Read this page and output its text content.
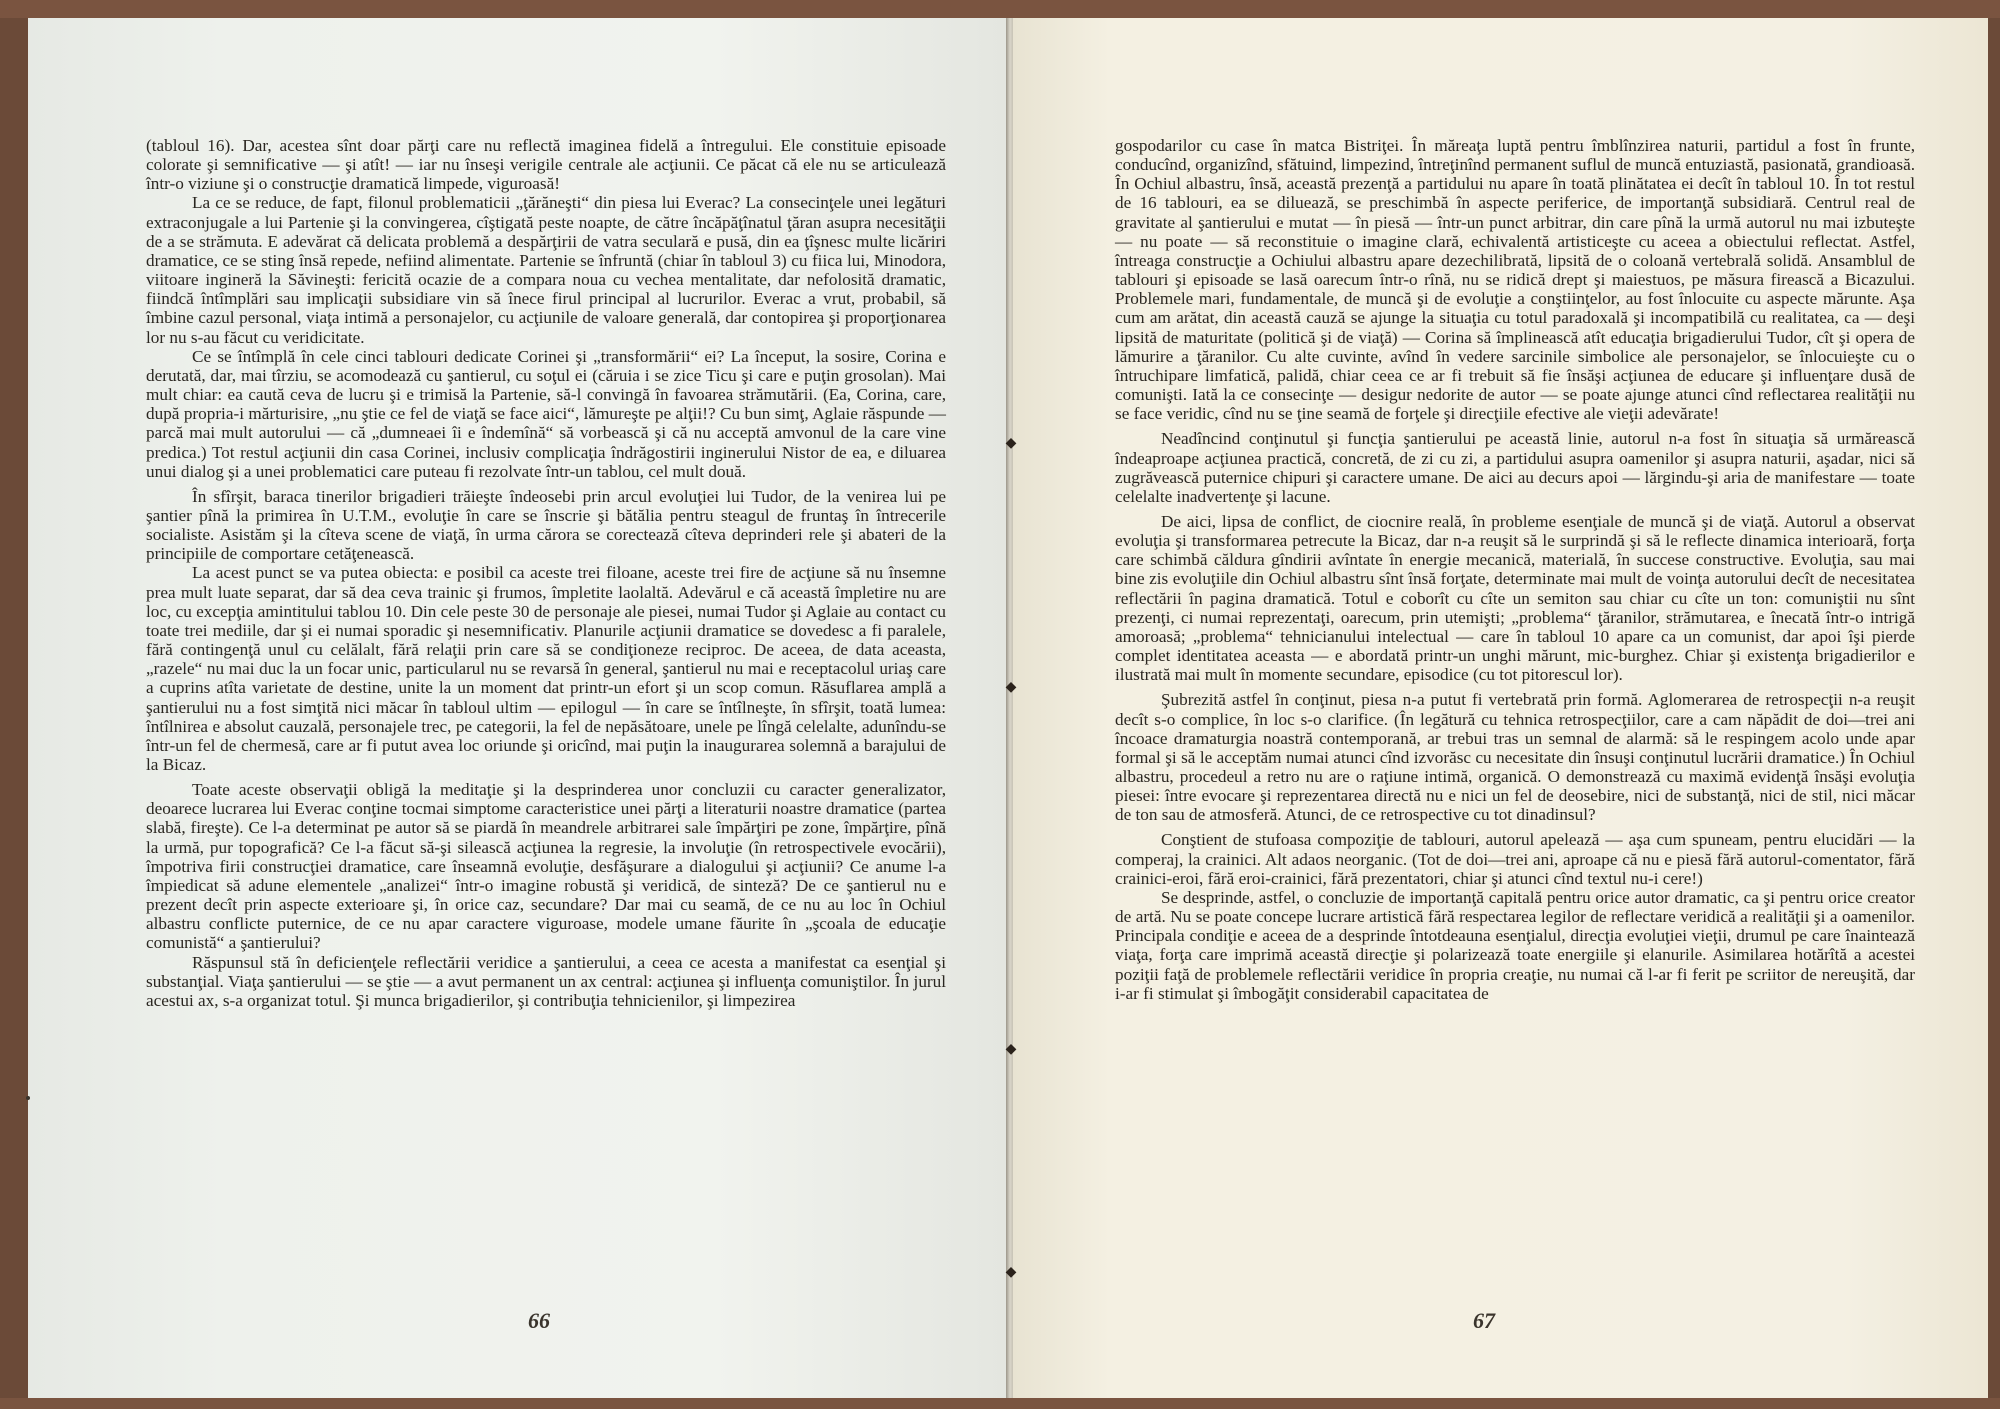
(tabloul 16). Dar, acestea sînt doar părţi care nu reflectă imaginea fidelă a întregului. Ele constituie episoade colorate şi semnificative — şi atît! — iar nu înseşi verigile centrale ale acţiunii. Ce păcat că ele nu se articulează într-o viziune şi o construcţie dramatică limpede, viguroasă!

La ce se reduce, de fapt, filonul problematicii „ţărăneşti“ din piesa lui Everac? La consecinţele unei legături extraconjugale a lui Partenie şi la convingerea, cîştigată peste noapte, de către încăpăţînatul ţăran asupra necesităţii de a se strămuta. E adevărat că delicata problemă a despărţirii de vatra seculară e pusă, din ea ţîşnesc multe licăriri dramatice, ce se sting însă repede, nefiind alimentate. Partenie se înfruntă (chiar în tabloul 3) cu fiica lui, Minodora, viitoare ingineră la Săvineşti: fericită ocazie de a compara noua cu vechea mentalitate, dar nefolosită dramatic, fiindcă întîmplări sau implicaţii subsidiare vin să înece firul principal al lucrurilor. Everac a vrut, probabil, să îmbine cazul personal, viaţa intimă a personajelor, cu acţiunile de valoare generală, dar contopirea şi proporţionarea lor nu s-au făcut cu veridicitate.

Ce se întîmplă în cele cinci tablouri dedicate Corinei şi „transformării“ ei? La început, la sosire, Corina e derutată, dar, mai tîrziu, se acomodează cu şantierul, cu soţul ei (căruia i se zice Ticu şi care e puţin grosolan). Mai mult chiar: ea caută ceva de lucru şi e trimisă la Partenie, să-l convingă în favoarea strămutării. (Ea, Corina, care, după propria-i mărturisire, „nu ştie ce fel de viaţă se face aici“, lămureşte pe alţii!? Cu bun simţ, Aglaie răspunde — parcă mai mult autorului — că „dumneaei îi e îndemînă“ să vorbească şi că nu acceptă amvonul de la care vine predica.) Tot restul acţiunii din casa Corinei, inclusiv complicaţia îndrăgostirii inginerului Nistor de ea, e diluarea unui dialog şi a unei problematici care puteau fi rezolvate într-un tablou, cel mult două.

În sfîrşit, baraca tinerilor brigadieri trăieşte îndeosebi prin arcul evoluţiei lui Tudor, de la venirea lui pe şantier pînă la primirea în U.T.M., evoluţie în care se înscrie şi bătălia pentru steagul de fruntaş în întrecerile socialiste. Asistăm şi la cîteva scene de viaţă, în urma cărora se corectează cîteva deprinderi rele şi abateri de la principiile de comportare cetăţenească.

La acest punct se va putea obiecta: e posibil ca aceste trei filoane, aceste trei fire de acţiune să nu însemne prea mult luate separat, dar să dea ceva trainic şi frumos, împletite laolaltă. Adevărul e că această împletire nu are loc, cu excepţia amintitului tablou 10. Din cele peste 30 de personaje ale piesei, numai Tudor şi Aglaie au contact cu toate trei mediile, dar şi ei numai sporadic şi nesemnificativ. Planurile acţiunii dramatice se dovedesc a fi paralele, fără contingenţă unul cu celălalt, fără relaţii prin care să se condiţioneze reciproc. De aceea, de data aceasta, „razele“ nu mai duc la un focar unic, particularul nu se revarsă în general, şantierul nu mai e receptacolul uriaş care a cuprins atîta varietate de destine, unite la un moment dat printr-un efort şi un scop comun. Răsuflarea amplă a şantierului nu a fost simţită nici măcar în tabloul ultim — epilogul — în care se întîlneşte, în sfîrşit, toată lumea: întîlnirea e absolut cauzală, personajele trec, pe categorii, la fel de nepăsătoare, unele pe lîngă celelalte, adunîndu-se într-un fel de chermesă, care ar fi putut avea loc oriunde şi oricînd, mai puţin la inaugurarea solemnă a barajului de la Bicaz.

Toate aceste observaţii obligă la meditaţie şi la desprinderea unor concluzii cu caracter generalizator, deoarece lucrarea lui Everac conţine tocmai simptome caracteristice unei părţi a literaturii noastre dramatice (partea slabă, fireşte). Ce l-a determinat pe autor să se piardă în meandrele arbitrarei sale împărţiri pe zone, împărţire, pînă la urmă, pur topografică? Ce l-a făcut să-şi silească acţiunea la regresie, la involuţie (în retrospectivele evocării), împotriva firii construcţiei dramatice, care înseamnă evoluţie, desfăşurare a dialogului şi acţiunii? Ce anume l-a împiedicat să adune elementele „analizei“ într-o imagine robustă şi veridică, de sinteză? De ce şantierul nu e prezent decît prin aspecte exterioare şi, în orice caz, secundare? Dar mai cu seamă, de ce nu au loc în Ochiul albastru conflicte puternice, de ce nu apar caractere viguroase, modele umane făurite în „şcoala de educaţie comunistă“ a şantierului?

Răspunsul stă în deficienţele reflectării veridice a şantierului, a ceea ce acesta a manifestat ca esenţial şi substanţial. Viaţa şantierului — se ştie — a avut permanent un ax central: acţiunea şi influenţa comuniştilor. În jurul acestui ax, s-a organizat totul. Şi munca brigadierilor, şi contribuţia tehnicienilor, şi limpezirea

66

gospodarilor cu case în matca Bistriţei. În măreaţa luptă pentru îmblînzirea naturii, partidul a fost în frunte, conducînd, organizînd, sfătuind, limpezind, întreţinînd permanent suflul de muncă entuziastă, pasionată, grandioasă. În Ochiul albastru, însă, această prezenţă a partidului nu apare în toată plinătatea ei decît în tabloul 10. În tot restul de 16 tablouri, ea se diluează, se preschimbă în aspecte periferice, de importanţă subsidiară. Centrul real de gravitate al şantierului e mutat — în piesă — într-un punct arbitrar, din care pînă la urmă autorul nu mai izbuteşte — nu poate — să reconstituie o imagine clară, echivalentă artisticeşte cu aceea a obiectului reflectat. Astfel, întreaga construcţie a Ochiului albastru apare dezechilibrată, lipsită de o coloană vertebrală solidă. Ansamblul de tablouri şi episoade se lasă oarecum într-o rînă, nu se ridică drept şi maiestuos, pe măsura firească a Bicazului. Problemele mari, fundamentale, de muncă şi de evoluţie a conştiinţelor, au fost înlocuite cu aspecte mărunte. Aşa cum am arătat, din această cauză se ajunge la situaţia cu totul paradoxală şi incompatibilă cu realitatea, ca — deşi lipsită de maturitate (politică şi de viaţă) — Corina să împlinească atît educaţia brigadierului Tudor, cît şi opera de lămurire a ţăranilor. Cu alte cuvinte, avînd în vedere sarcinile simbolice ale personajelor, se înlocuieşte cu o întruchipare limfatică, palidă, chiar ceea ce ar fi trebuit să fie însăşi acţiunea de educare şi influenţare dusă de comunişti. Iată la ce consecinţe — desigur nedorite de autor — se poate ajunge atunci cînd reflectarea realităţii nu se face veridic, cînd nu se ţine seamă de forţele şi direcţiile efective ale vieţii adevărate!

Neadîncind conţinutul şi funcţia şantierului pe această linie, autorul n-a fost în situaţia să urmărească îndeaproape acţiunea practică, concretă, de zi cu zi, a partidului asupra oamenilor şi asupra naturii, aşadar, nici să zugrăvească puternice chipuri şi caractere umane. De aici au decurs apoi — lărgindu-şi aria de manifestare — toate celelalte inadvertenţe şi lacune.

De aici, lipsa de conflict, de ciocnire reală, în probleme esenţiale de muncă şi de viaţă. Autorul a observat evoluţia şi transformarea petrecute la Bicaz, dar n-a reuşit să le surprindă şi să le reflecte dinamica interioară, forţa care schimbă căldura gîndirii avîntate în energie mecanică, materială, în succese constructive. Evoluţia, sau mai bine zis evoluţiile din Ochiul albastru sînt însă forţate, determinate mai mult de voinţa autorului decît de necesitatea reflectării în pagina dramatică. Totul e coborît cu cîte un semiton sau chiar cu cîte un ton: comuniştii nu sînt prezenţi, ci numai reprezentaţi, oarecum, prin utemişti; „problema“ ţăranilor, strămutarea, e înecată într-o intrigă amoroasă; „problema“ tehnicianului intelectual — care în tabloul 10 apare ca un comunist, dar apoi îşi pierde complet identitatea aceasta — e abordată printr-un unghi mărunt, mic-burghez. Chiar şi existenţa brigadierilor e ilustrată mai mult în momente secundare, episodice (cu tot pitorescul lor).

Şubrezită astfel în conţinut, piesa n-a putut fi vertebrată prin formă. Aglomerarea de retrospecţii n-a reuşit decît s-o complice, în loc s-o clarifice. (În legătură cu tehnica retrospecţiilor, care a cam năpădit de doi—trei ani încoace dramaturgia noastră contemporană, ar trebui tras un semnal de alarmă: să le respingem acolo unde apar formal şi să le acceptăm numai atunci cînd izvorăsc cu necesitate din însuşi conţinutul lucrării dramatice.) În Ochiul albastru, procedeul a retro nu are o raţiune intimă, organică. O demonstrează cu maximă evidenţă însăşi evoluţia piesei: între evocare şi reprezentarea directă nu e nici un fel de deosebire, nici de substanţă, nici de stil, nici măcar de ton sau de atmosferă. Atunci, de ce retrospective cu tot dinadinsul?

Conştient de stufoasa compoziţie de tablouri, autorul apelează — aşa cum spuneam, pentru elucidări — la comperaj, la crainici. Alt adaos neorganic. (Tot de doi—trei ani, aproape că nu e piesă fără autorul-comentator, fără crainici-eroi, fără eroi-crainici, fără prezentatori, chiar şi atunci cînd textul nu-i cere!)

Se desprinde, astfel, o concluzie de importanţă capitală pentru orice autor dramatic, ca şi pentru orice creator de artă. Nu se poate concepe lucrare artistică fără respectarea legilor de reflectare veridică a realităţii şi a oamenilor. Principala condiţie e aceea de a desprinde întotdeauna esenţialul, direcţia evoluţiei vieţii, drumul pe care înaintează viaţa, forţa care imprimă această direcţie şi polarizează toate energiile şi elanurile. Asimilarea hotărîtă a acestei poziţii faţă de problemele reflectării veridice în propria creaţie, nu numai că l-ar fi ferit pe scriitor de nereuşită, dar i-ar fi stimulat şi îmbogăţit considerabil capacitatea de

67
◆
◆
◆
◆
